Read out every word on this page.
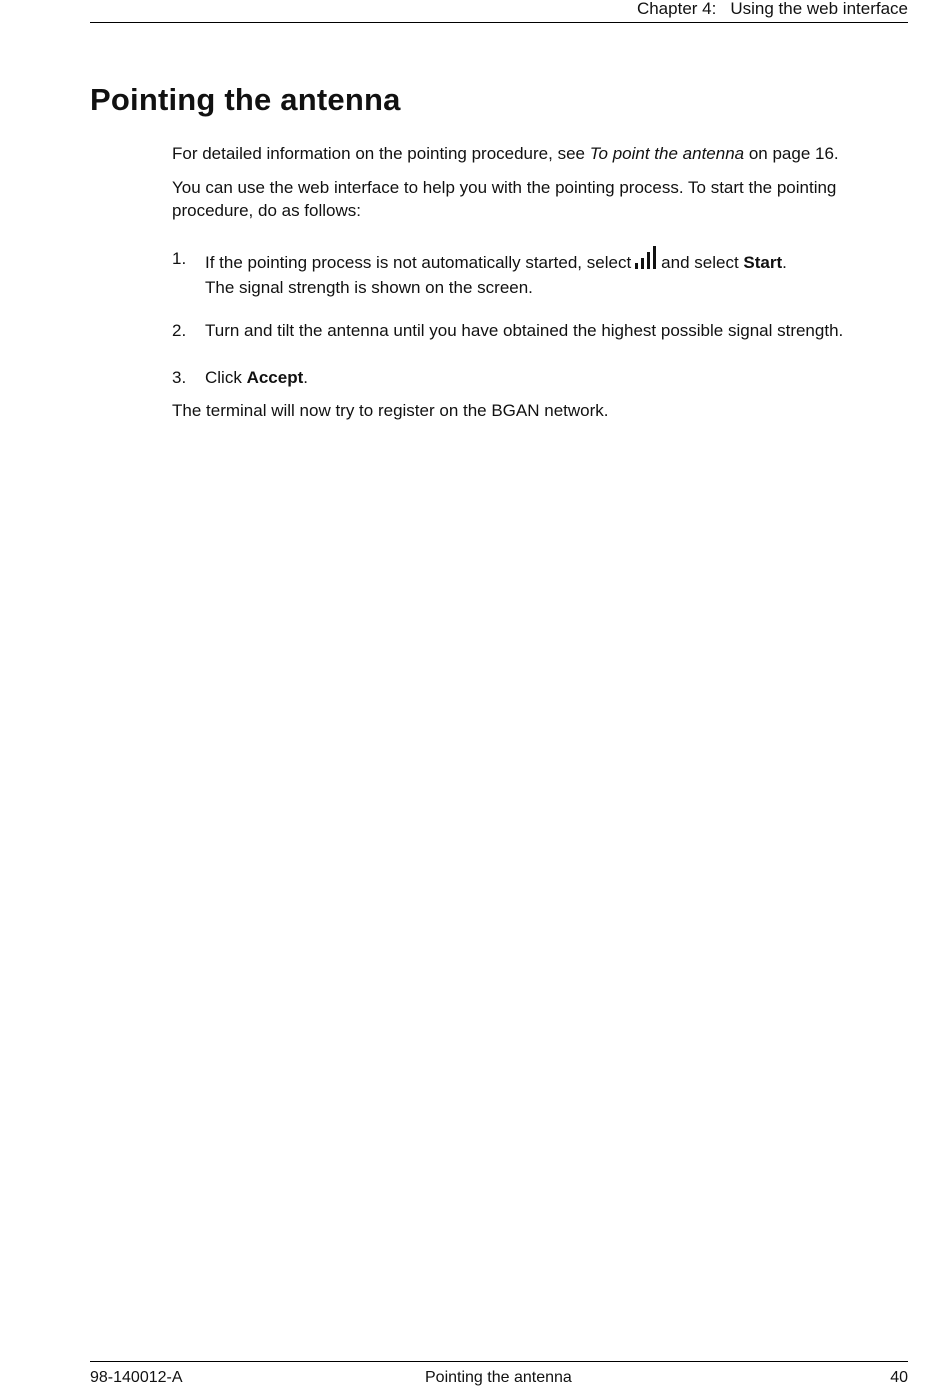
Chapter 4: Using the web interface
Pointing the antenna
For detailed information on the pointing procedure, see To point the antenna on page 16.
You can use the web interface to help you with the pointing process. To start the pointing procedure, do as follows:
1. If the pointing process is not automatically started, select and select Start.
The signal strength is shown on the screen.
2. Turn and tilt the antenna until you have obtained the highest possible signal strength.
3. Click Accept.
The terminal will now try to register on the BGAN network.
98-140012-A	Pointing the antenna	40
